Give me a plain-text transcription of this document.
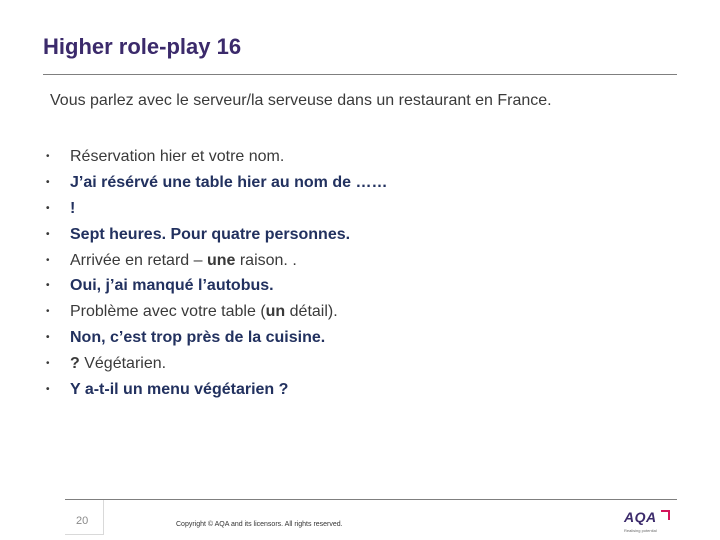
Higher role-play 16
Vous parlez avec le serveur/la serveuse dans un restaurant en France.
• Réservation hier et votre nom.
• J’ai résérvé une table hier au nom de ……
• !
• Sept heures. Pour quatre personnes.
• Arrivée en retard – une raison. .
• Oui, j’ai manqué l’autobus.
• Problème avec votre table (un détail).
• Non, c’est trop près de la cuisine.
• ? Végétarien.
• Y a-t-il un menu végétarien ?
20	Copyright © AQA and its licensors. All rights reserved.	AQA
Realising potential
